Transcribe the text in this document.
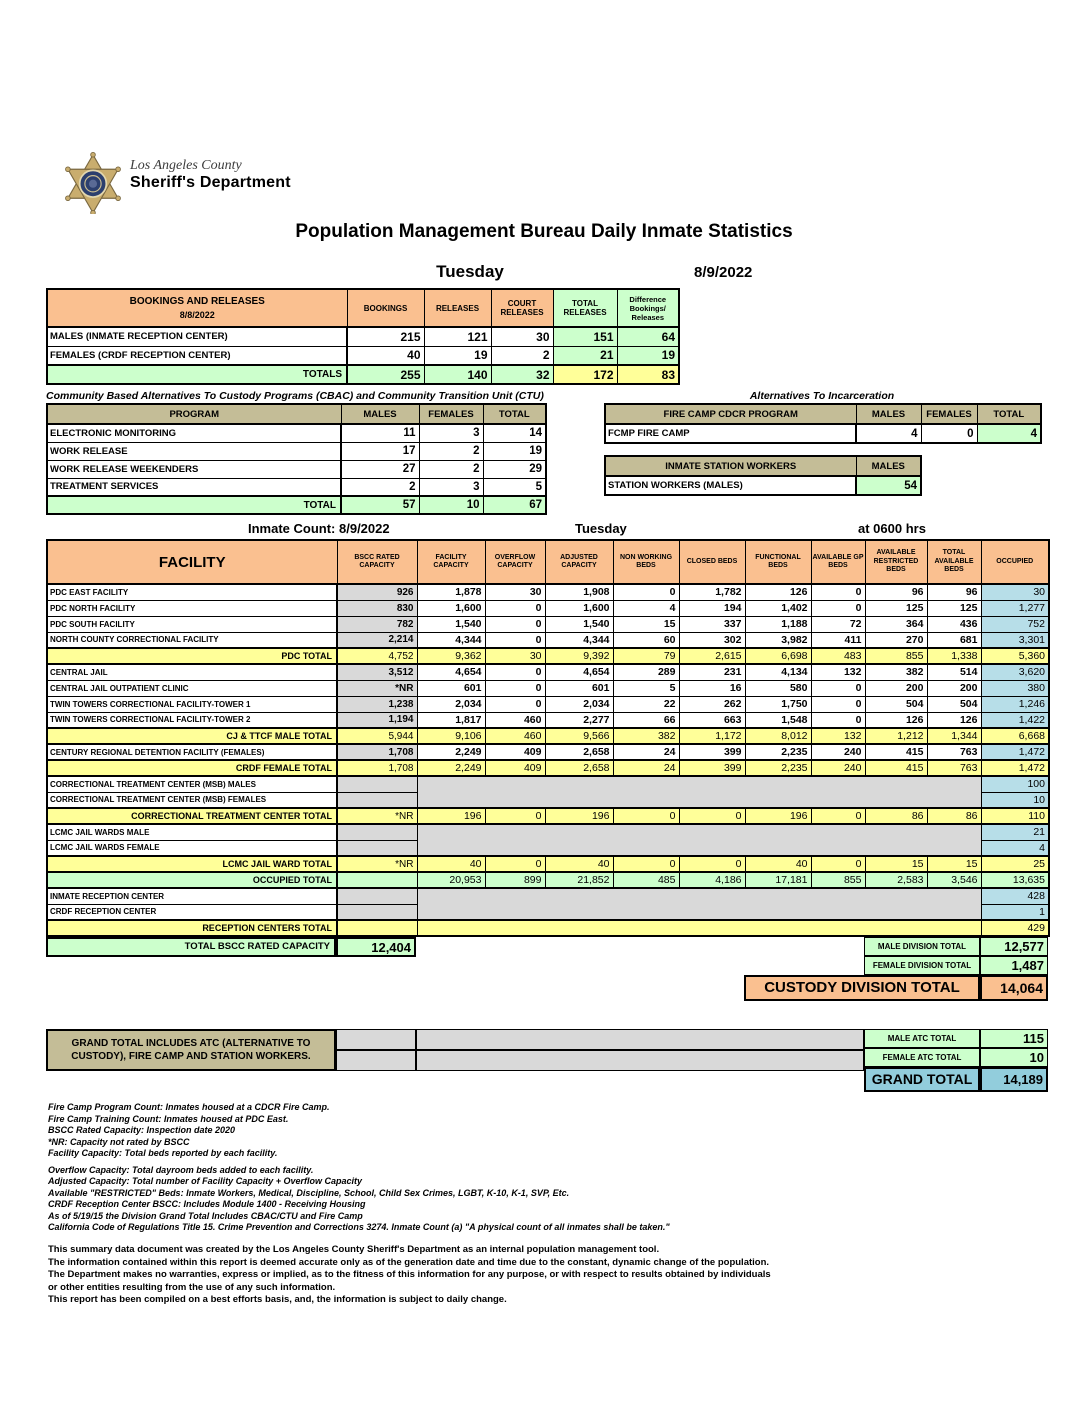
Los Angeles County
Sheriff's Department
Population Management Bureau Daily Inmate Statistics
Tuesday	8/9/2022
BOOKINGS AND RELEASES
8/8/2022	BOOKINGS	RELEASES	COURT RELEASES	TOTAL RELEASES	Difference Bookings/ Releases
MALES (INMATE RECEPTION CENTER)	215	121	30	151	64
FEMALES (CRDF RECEPTION CENTER)	40	19	2	21	19
TOTALS	255	140	32	172	83
Community Based Alternatives To Custody Programs (CBAC) and Community Transition Unit (CTU)
PROGRAM	MALES	FEMALES	TOTAL
ELECTRONIC MONITORING	11	3	14
WORK RELEASE	17	2	19
WORK RELEASE WEEKENDERS	27	2	29
TREATMENT SERVICES	2	3	5
TOTAL	57	10	67
Alternatives To Incarceration
FIRE CAMP CDCR PROGRAM	MALES	FEMALES	TOTAL
FCMP FIRE CAMP	4	0	4
INMATE STATION WORKERS	MALES
STATION WORKERS (MALES)	54
Inmate Count: 8/9/2022	Tuesday	at 0600 hrs
FACILITY	BSCC RATED CAPACITY	FACILITY CAPACITY	OVERFLOW CAPACITY	ADJUSTED CAPACITY	NON WORKING BEDS	CLOSED BEDS	FUNCTIONAL BEDS	AVAILABLE GP BEDS	AVAILABLE RESTRICTED BEDS	TOTAL AVAILABLE BEDS	OCCUPIED
PDC EAST FACILITY	926	1,878	30	1,908	0	1,782	126	0	96	96	30
PDC NORTH FACILITY	830	1,600	0	1,600	4	194	1,402	0	125	125	1,277
PDC SOUTH FACILITY	782	1,540	0	1,540	15	337	1,188	72	364	436	752
NORTH COUNTY CORRECTIONAL FACILITY	2,214	4,344	0	4,344	60	302	3,982	411	270	681	3,301
PDC TOTAL	4,752	9,362	30	9,392	79	2,615	6,698	483	855	1,338	5,360
CENTRAL JAIL	3,512	4,654	0	4,654	289	231	4,134	132	382	514	3,620
CENTRAL JAIL OUTPATIENT CLINIC	*NR	601	0	601	5	16	580	0	200	200	380
TWIN TOWERS CORRECTIONAL FACILITY-TOWER 1	1,238	2,034	0	2,034	22	262	1,750	0	504	504	1,246
TWIN TOWERS CORRECTIONAL FACILITY-TOWER 2	1,194	1,817	460	2,277	66	663	1,548	0	126	126	1,422
CJ & TTCF MALE TOTAL	5,944	9,106	460	9,566	382	1,172	8,012	132	1,212	1,344	6,668
CENTURY REGIONAL DETENTION FACILITY (FEMALES)	1,708	2,249	409	2,658	24	399	2,235	240	415	763	1,472
CRDF FEMALE TOTAL	1,708	2,249	409	2,658	24	399	2,235	240	415	763	1,472
CORRECTIONAL TREATMENT CENTER (MSB) MALES											100
CORRECTIONAL TREATMENT CENTER (MSB) FEMALES											10
CORRECTIONAL TREATMENT CENTER TOTAL	*NR	196	0	196	0	0	196	0	86	86	110
LCMC JAIL WARDS MALE											21
LCMC JAIL WARDS FEMALE											4
LCMC JAIL WARD TOTAL	*NR	40	0	40	0	0	40	0	15	15	25
OCCUPIED TOTAL		20,953	899	21,852	485	4,186	17,181	855	2,583	3,546	13,635
INMATE RECEPTION CENTER											428
CRDF RECEPTION CENTER											1
RECEPTION CENTERS TOTAL											429
TOTAL BSCC RATED CAPACITY	12,404	MALE DIVISION TOTAL	12,577
FEMALE DIVISION TOTAL	1,487
CUSTODY DIVISION TOTAL	14,064
GRAND TOTAL INCLUDES ATC (ALTERNATIVE TO CUSTODY), FIRE CAMP AND STATION WORKERS.
MALE ATC TOTAL	115
FEMALE ATC TOTAL	10
GRAND TOTAL	14,189
Fire Camp Program Count: Inmates housed at a CDCR Fire Camp.
Fire Camp Training Count: Inmates housed at PDC East.
BSCC Rated Capacity: Inspection date 2020
*NR: Capacity not rated by BSCC
Facility Capacity: Total beds reported by each facility.
Overflow Capacity: Total dayroom beds added to each facility.
Adjusted Capacity: Total number of Facility Capacity + Overflow Capacity
Available "RESTRICTED" Beds: Inmate Workers, Medical, Discipline, School, Child Sex Crimes, LGBT, K-10, K-1, SVP, Etc.
CRDF Reception Center BSCC: Includes Module 1400 - Receiving Housing
As of 5/19/15 the Division Grand Total Includes CBAC/CTU and Fire Camp
California Code of Regulations Title 15. Crime Prevention and Corrections 3274. Inmate Count (a) "A physical count of all inmates shall be taken."
This summary data document was created by the Los Angeles County Sheriff's Department as an internal population management tool.
The information contained within this report is deemed accurate only as of the generation date and time due to the constant, dynamic change of the population.
The Department makes no warranties, express or implied, as to the fitness of this information for any purpose, or with respect to results obtained by individuals
or other entities resulting from the use of any such information.
This report has been compiled on a best efforts basis, and, the information is subject to daily change.
